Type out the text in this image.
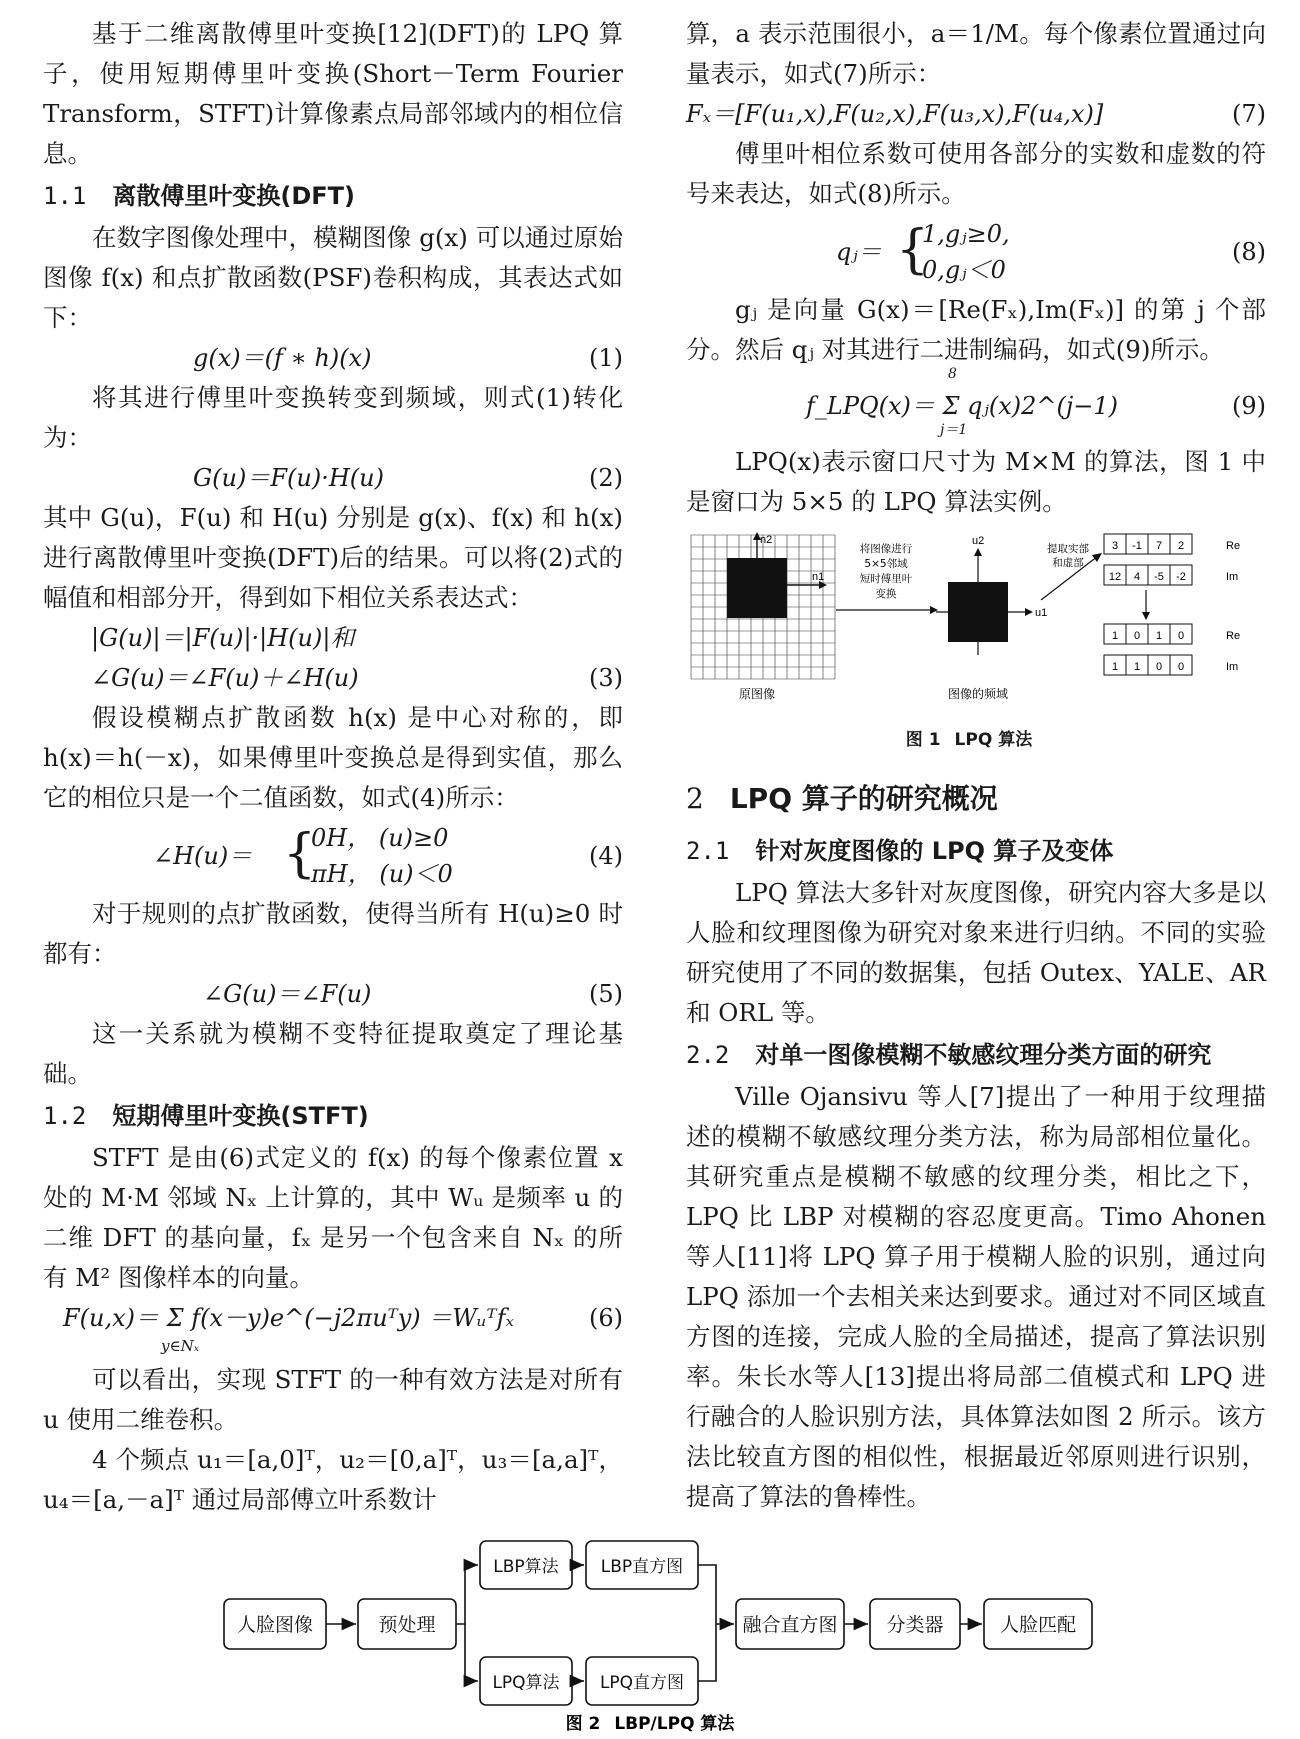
基于二维离散傅里叶变换[12](DFT)的 LPQ 算子，使用短期傅里叶变换(Short－Term Fourier Transform，STFT)计算像素点局部邻域内的相位信息。

1.1 离散傅里叶变换(DFT)

在数字图像处理中，模糊图像 g(x) 可以通过原始图像 f(x) 和点扩散函数(PSF)卷积构成，其表达式如下：

g(x)＝(f ∗ h)(x)	(1)

将其进行傅里叶变换转变到频域，则式(1)转化为：

G(u)＝F(u)·H(u)	(2)

其中 G(u)，F(u) 和 H(u) 分别是 g(x)、f(x) 和 h(x) 进行离散傅里叶变换(DFT)后的结果。可以将(2)式的幅值和相部分开，得到如下相位关系表达式：

|G(u)|＝|F(u)|·|H(u)|和
∠G(u)＝∠F(u)＋∠H(u)	(3)

假设模糊点扩散函数 h(x) 是中心对称的，即 h(x)＝h(－x)，如果傅里叶变换总是得到实值，那么它的相位只是一个二值函数，如式(4)所示：

∠H(u)＝ {
0H， (u)≥0
πH， (u)＜0
(4)

对于规则的点扩散函数，使得当所有 H(u)≥0 时都有：

∠G(u)＝∠F(u)	(5)

这一关系就为模糊不变特征提取奠定了理论基础。

1.2 短期傅里叶变换(STFT)

STFT 是由(6)式定义的 f(x) 的每个像素位置 x 处的 M·M 邻域 Nₓ 上计算的，其中 Wᵤ 是频率 u 的二维 DFT 的基向量，fₓ 是另一个包含来自 Nₓ 的所有 M² 图像样本的向量。

F(u,x)＝ Σ f(x－y)e^(−j2πuᵀy) ＝Wᵤᵀfₓ
y∈Nₓ
(6)

可以看出，实现 STFT 的一种有效方法是对所有 u 使用二维卷积。

4 个频点 u₁＝[a,0]ᵀ，u₂＝[0,a]ᵀ，u₃＝[a,a]ᵀ，u₄＝[a,－a]ᵀ 通过局部傅立叶系数计

算，a 表示范围很小，a＝1/M。每个像素位置通过向量表示，如式(7)所示：

Fₓ＝[F(u₁,x),F(u₂,x),F(u₃,x),F(u₄,x)]	(7)

傅里叶相位系数可使用各部分的实数和虚数的符号来表达，如式(8)所示。

qⱼ＝ {
1,gⱼ≥0,
0,gⱼ＜0
(8)

gⱼ 是向量 G(x)＝[Re(Fₓ),Im(Fₓ)] 的第 j 个部分。然后 qⱼ 对其进行二进制编码，如式(9)所示。

f_LPQ(x)＝ Σ qⱼ(x)2^(j−1)
8
j＝1
(9)

LPQ(x)表示窗口尺寸为 M×M 的算法，图 1 中是窗口为 5×5 的 LPQ 算法实例。

n2
n1
原图像
将图像进行
5×5邻域
短时傅里叶
变换
u2
u1
图像的频域
提取实部
和虚部
3 -1 7 2
12 4 -5 -2
1 0 1 0
1 1 0 0
Re
Im
Re
Im
图 1 LPQ 算法
2 LPQ 算子的研究概况
2.1 针对灰度图像的 LPQ 算子及变体

LPQ 算法大多针对灰度图像，研究内容大多是以人脸和纹理图像为研究对象来进行归纳。不同的实验研究使用了不同的数据集，包括 Outex、YALE、AR 和 ORL 等。

2.2 对单一图像模糊不敏感纹理分类方面的研究

Ville Ojansivu 等人[7]提出了一种用于纹理描述的模糊不敏感纹理分类方法，称为局部相位量化。其研究重点是模糊不敏感的纹理分类，相比之下，LPQ 比 LBP 对模糊的容忍度更高。Timo Ahonen 等人[11]将 LPQ 算子用于模糊人脸的识别，通过向 LPQ 添加一个去相关来达到要求。通过对不同区域直方图的连接，完成人脸的全局描述，提高了算法识别率。朱长水等人[13]提出将局部二值模式和 LPQ 进行融合的人脸识别方法，具体算法如图 2 所示。该方法比较直方图的相似性，根据最近邻原则进行识别，提高了算法的鲁棒性。

人脸图像	预处理
LBP算法 LBP直方图
LPQ算法 LPQ直方图
融合直方图	分类器	人脸匹配
图 2 LBP/LPQ 算法
